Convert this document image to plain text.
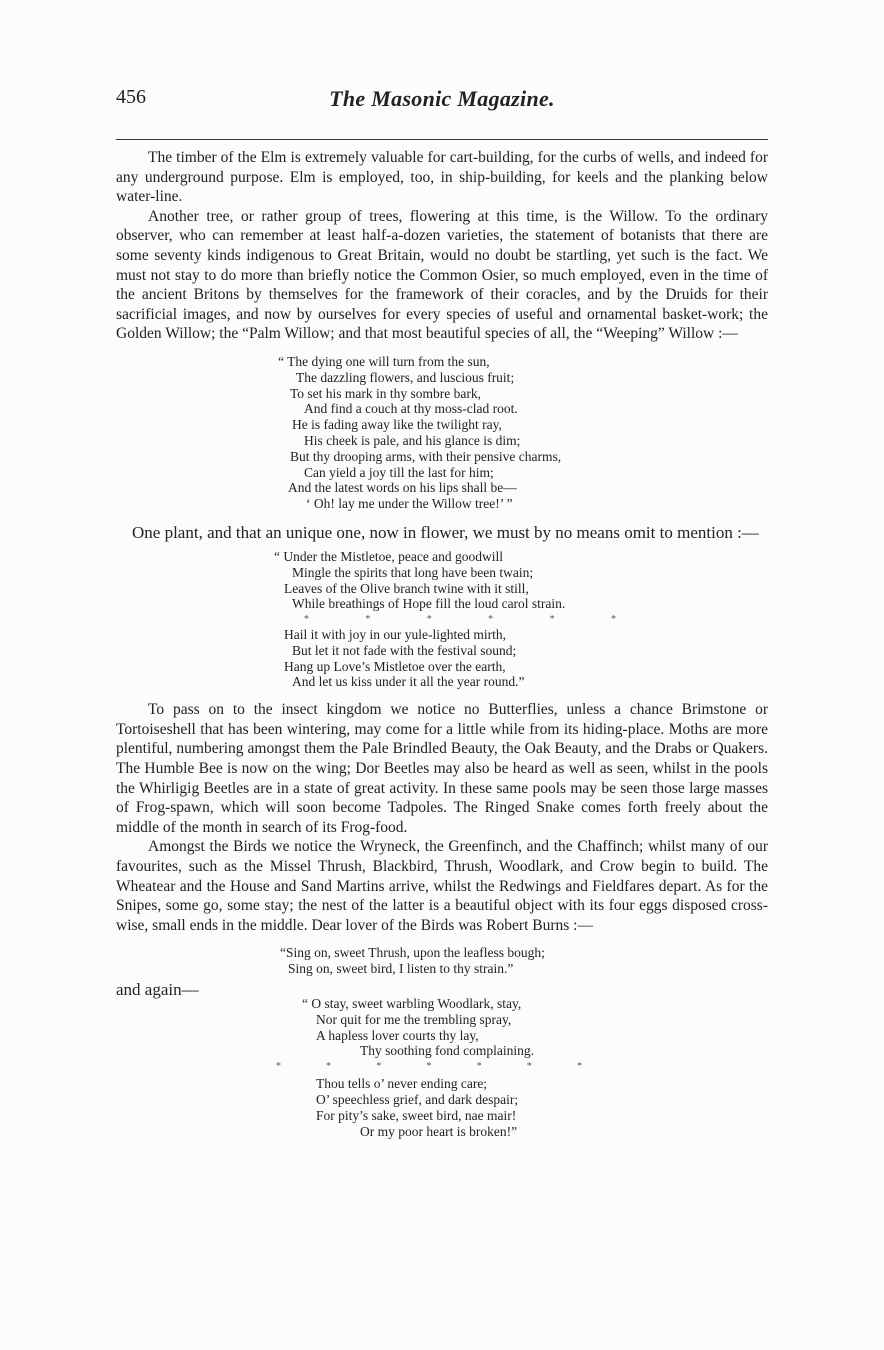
456	The Masonic Magazine.

The timber of the Elm is extremely valuable for cart-building, for the curbs of wells, and indeed for any underground purpose. Elm is employed, too, in ship-building, for keels and the planking below water-line.

Another tree, or rather group of trees, flowering at this time, is the Willow. To the ordinary observer, who can remember at least half-a-dozen varieties, the statement of botanists that there are some seventy kinds indigenous to Great Britain, would no doubt be startling, yet such is the fact. We must not stay to do more than briefly notice the Common Osier, so much employed, even in the time of the ancient Britons by themselves for the framework of their coracles, and by the Druids for their sacrificial images, and now by ourselves for every species of useful and ornamental basket-work; the Golden Willow; the “Palm Willow; and that most beautiful species of all, the “Weeping” Willow :—

“ The dying one will turn from the sun,
The dazzling flowers, and luscious fruit;
To set his mark in thy sombre bark,
And find a couch at thy moss-clad root.
He is fading away like the twilight ray,
His cheek is pale, and his glance is dim;
But thy drooping arms, with their pensive charms,
Can yield a joy till the last for him;
And the latest words on his lips shall be—
‘ Oh! lay me under the Willow tree!’ ”

One plant, and that an unique one, now in flower, we must by no means omit to mention :—

“ Under the Mistletoe, peace and goodwill
Mingle the spirits that long have been twain;
Leaves of the Olive branch twine with it still,
While breathings of Hope fill the loud carol strain.
*	*	*	*	*	*
Hail it with joy in our yule-lighted mirth,
But let it not fade with the festival sound;
Hang up Love’s Mistletoe over the earth,
And let us kiss under it all the year round.”

To pass on to the insect kingdom we notice no Butterflies, unless a chance Brimstone or Tortoiseshell that has been wintering, may come for a little while from its hiding-place. Moths are more plentiful, numbering amongst them the Pale Brindled Beauty, the Oak Beauty, and the Drabs or Quakers. The Humble Bee is now on the wing; Dor Beetles may also be heard as well as seen, whilst in the pools the Whirligig Beetles are in a state of great activity. In these same pools may be seen those large masses of Frog-spawn, which will soon become Tadpoles. The Ringed Snake comes forth freely about the middle of the month in search of its Frog-food.

Amongst the Birds we notice the Wryneck, the Greenfinch, and the Chaffinch; whilst many of our favourites, such as the Missel Thrush, Blackbird, Thrush, Woodlark, and Crow begin to build. The Wheatear and the House and Sand Martins arrive, whilst the Redwings and Fieldfares depart. As for the Snipes, some go, some stay; the nest of the latter is a beautiful object with its four eggs disposed cross-wise, small ends in the middle. Dear lover of the Birds was Robert Burns :—

“Sing on, sweet Thrush, upon the leafless bough;
Sing on, sweet bird, I listen to thy strain.”

and again—

“ O stay, sweet warbling Woodlark, stay,
Nor quit for me the trembling spray,
A hapless lover courts thy lay,
Thy soothing fond complaining.
*	*	*	*	*	*	*
Thou tells o’ never ending care;
O’ speechless grief, and dark despair;
For pity’s sake, sweet bird, nae mair!
Or my poor heart is broken!”
